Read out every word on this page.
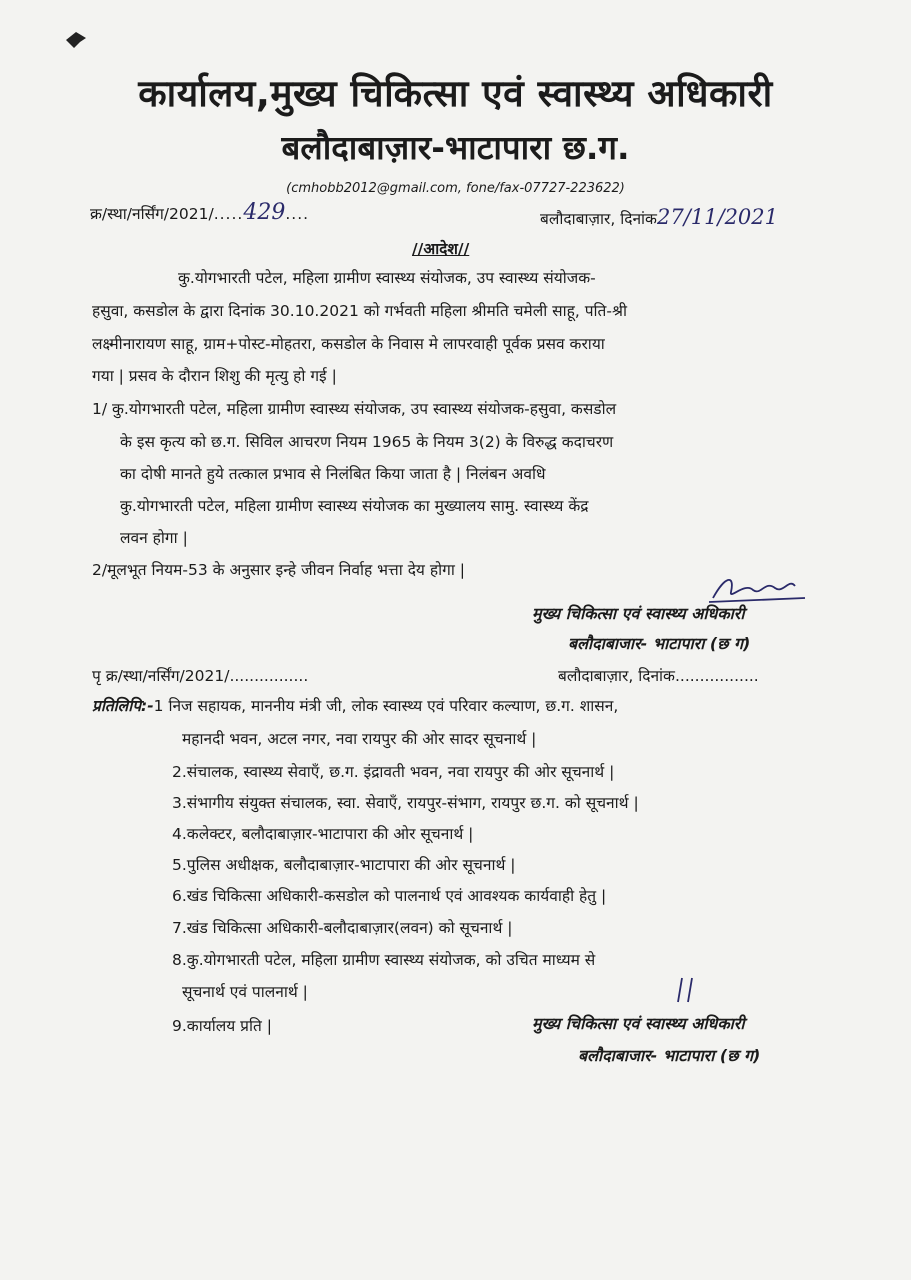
कार्यालय,मुख्य चिकित्सा एवं स्वास्थ्य अधिकारी
बलौदाबाज़ार-भाटापारा छ.ग.
(cmhobb2012@gmail.com, fone/fax-07727-223622)
क्र/स्था/नर्सिंग/2021/.....429....	बलौदाबाज़ार, दिनांक27/11/2021
//आदेश//
कु.योगभारती पटेल, महिला ग्रामीण स्वास्थ्य संयोजक, उप स्वास्थ्य संयोजक-
हसुवा, कसडोल के द्वारा दिनांक 30.10.2021 को गर्भवती महिला श्रीमति चमेली साहू, पति-श्री
लक्ष्मीनारायण साहू, ग्राम+पोस्ट-मोहतरा, कसडोल के निवास मे लापरवाही पूर्वक प्रसव कराया
गया | प्रसव के दौरान शिशु की मृत्यु हो गई |
1/ कु.योगभारती पटेल, महिला ग्रामीण स्वास्थ्य संयोजक, उप स्वास्थ्य संयोजक-हसुवा, कसडोल
के इस कृत्य को छ.ग. सिविल आचरण नियम 1965 के नियम 3(2) के विरुद्ध कदाचरण
का दोषी मानते हुये तत्काल प्रभाव से निलंबित किया जाता है | निलंबन अवधि
कु.योगभारती पटेल, महिला ग्रामीण स्वास्थ्य संयोजक का मुख्यालय सामु. स्वास्थ्य केंद्र
लवन होगा |
2/मूलभूत नियम-53 के अनुसार इन्हे जीवन निर्वाह भत्ता देय होगा |
मुख्य चिकित्सा एवं स्वास्थ्य अधिकारी
बलौदाबाजार- भाटापारा (छ ग)
पृ क्र/स्था/नर्सिंग/2021/................	बलौदाबाज़ार, दिनांक.................
प्रतिलिपि:-1 निज सहायक, माननीय मंत्री जी, लोक स्वास्थ्य एवं परिवार कल्याण, छ.ग. शासन,
महानदी भवन, अटल नगर, नवा रायपुर की ओर सादर सूचनार्थ |
2.संचालक, स्वास्थ्य सेवाएँ, छ.ग. इंद्रावती भवन, नवा रायपुर की ओर सूचनार्थ |
3.संभागीय संयुक्त संचालक, स्वा. सेवाएँ, रायपुर-संभाग, रायपुर छ.ग. को सूचनार्थ |
4.कलेक्टर, बलौदाबाज़ार-भाटापारा की ओर सूचनार्थ |
5.पुलिस अधीक्षक, बलौदाबाज़ार-भाटापारा की ओर सूचनार्थ |
6.खंड चिकित्सा अधिकारी-कसडोल को पालनार्थ एवं आवश्यक कार्यवाही हेतु |
7.खंड चिकित्सा अधिकारी-बलौदाबाज़ार(लवन) को सूचनार्थ |
8.कु.योगभारती पटेल, महिला ग्रामीण स्वास्थ्य संयोजक, को उचित माध्यम से
सूचनार्थ एवं पालनार्थ |
9.कार्यालय प्रति |	मुख्य चिकित्सा एवं स्वास्थ्य अधिकारी
बलौदाबाजार- भाटापारा (छ ग)
